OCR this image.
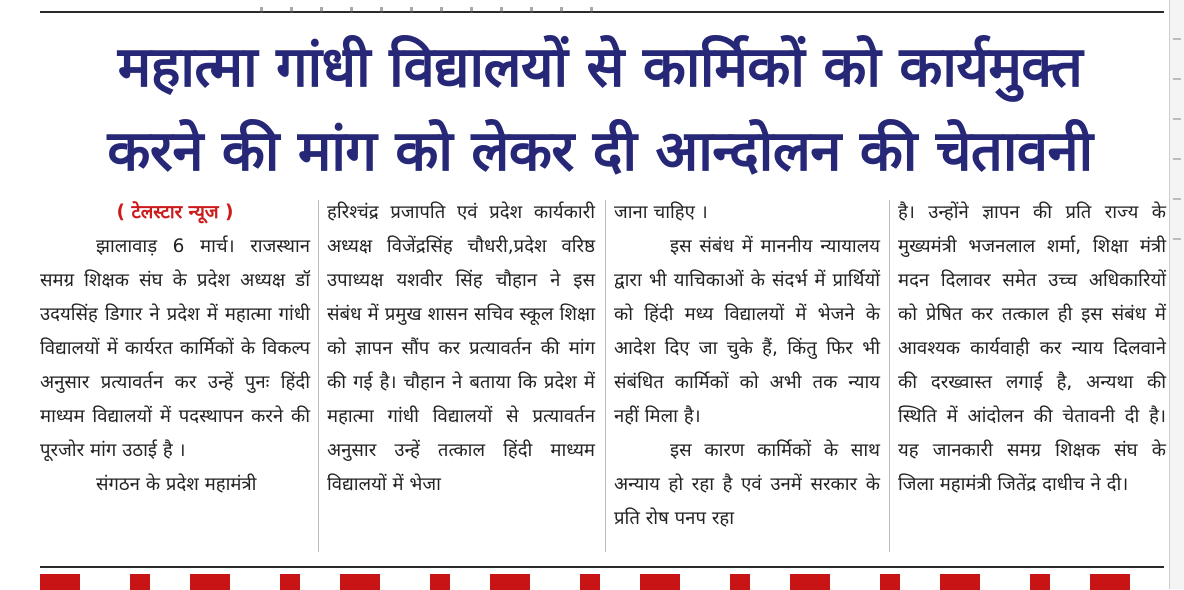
महात्मा गांधी विद्यालयों से कार्मिकों को कार्यमुक्त
करने की मांग को लेकर दी आन्दोलन की चेतावनी
( टेलस्टार न्यूज )

झालावाड़ 6 मार्च। राजस्थान समग्र शिक्षक संघ के प्रदेश अध्यक्ष डॉ उदयसिंह डिगार ने प्रदेश में महात्मा गांधी विद्यालयों में कार्यरत कार्मिकों के विकल्प अनुसार प्रत्यावर्तन कर उन्हें पुनः हिंदी माध्यम विद्यालयों में पदस्थापन करने की पूरजोर मांग उठाई है ।

संगठन के प्रदेश महामंत्री

हरिश्चंद्र प्रजापति एवं प्रदेश कार्यकारी अध्यक्ष विजेंद्रसिंह चौधरी,प्रदेश वरिष्ठ उपाध्यक्ष यशवीर सिंह चौहान ने इस संबंध में प्रमुख शासन सचिव स्कूल शिक्षा को ज्ञापन सौंप कर प्रत्यावर्तन की मांग की गई है। चौहान ने बताया कि प्रदेश में महात्मा गांधी विद्यालयों से प्रत्यावर्तन अनुसार उन्हें तत्काल हिंदी माध्यम विद्यालयों में भेजा

जाना चाहिए ।

इस संबंध में माननीय न्यायालय द्वारा भी याचिकाओं के संदर्भ में प्रार्थियों को हिंदी मध्य विद्यालयों में भेजने के आदेश दिए जा चुके हैं, किंतु फिर भी संबंधित कार्मिकों को अभी तक न्याय नहीं मिला है।

इस कारण कार्मिकों के साथ अन्याय हो रहा है एवं उनमें सरकार के प्रति रोष पनप रहा

है। उन्होंने ज्ञापन की प्रति राज्य के मुख्यमंत्री भजनलाल शर्मा, शिक्षा मंत्री मदन दिलावर समेत उच्च अधिकारियों को प्रेषित कर तत्काल ही इस संबंध में आवश्यक कार्यवाही कर न्याय दिलवाने की दरख्वास्त लगाई है, अन्यथा की स्थिति में आंदोलन की चेतावनी दी है। यह जानकारी समग्र शिक्षक संघ के जिला महामंत्री जितेंद्र दाधीच ने दी।
